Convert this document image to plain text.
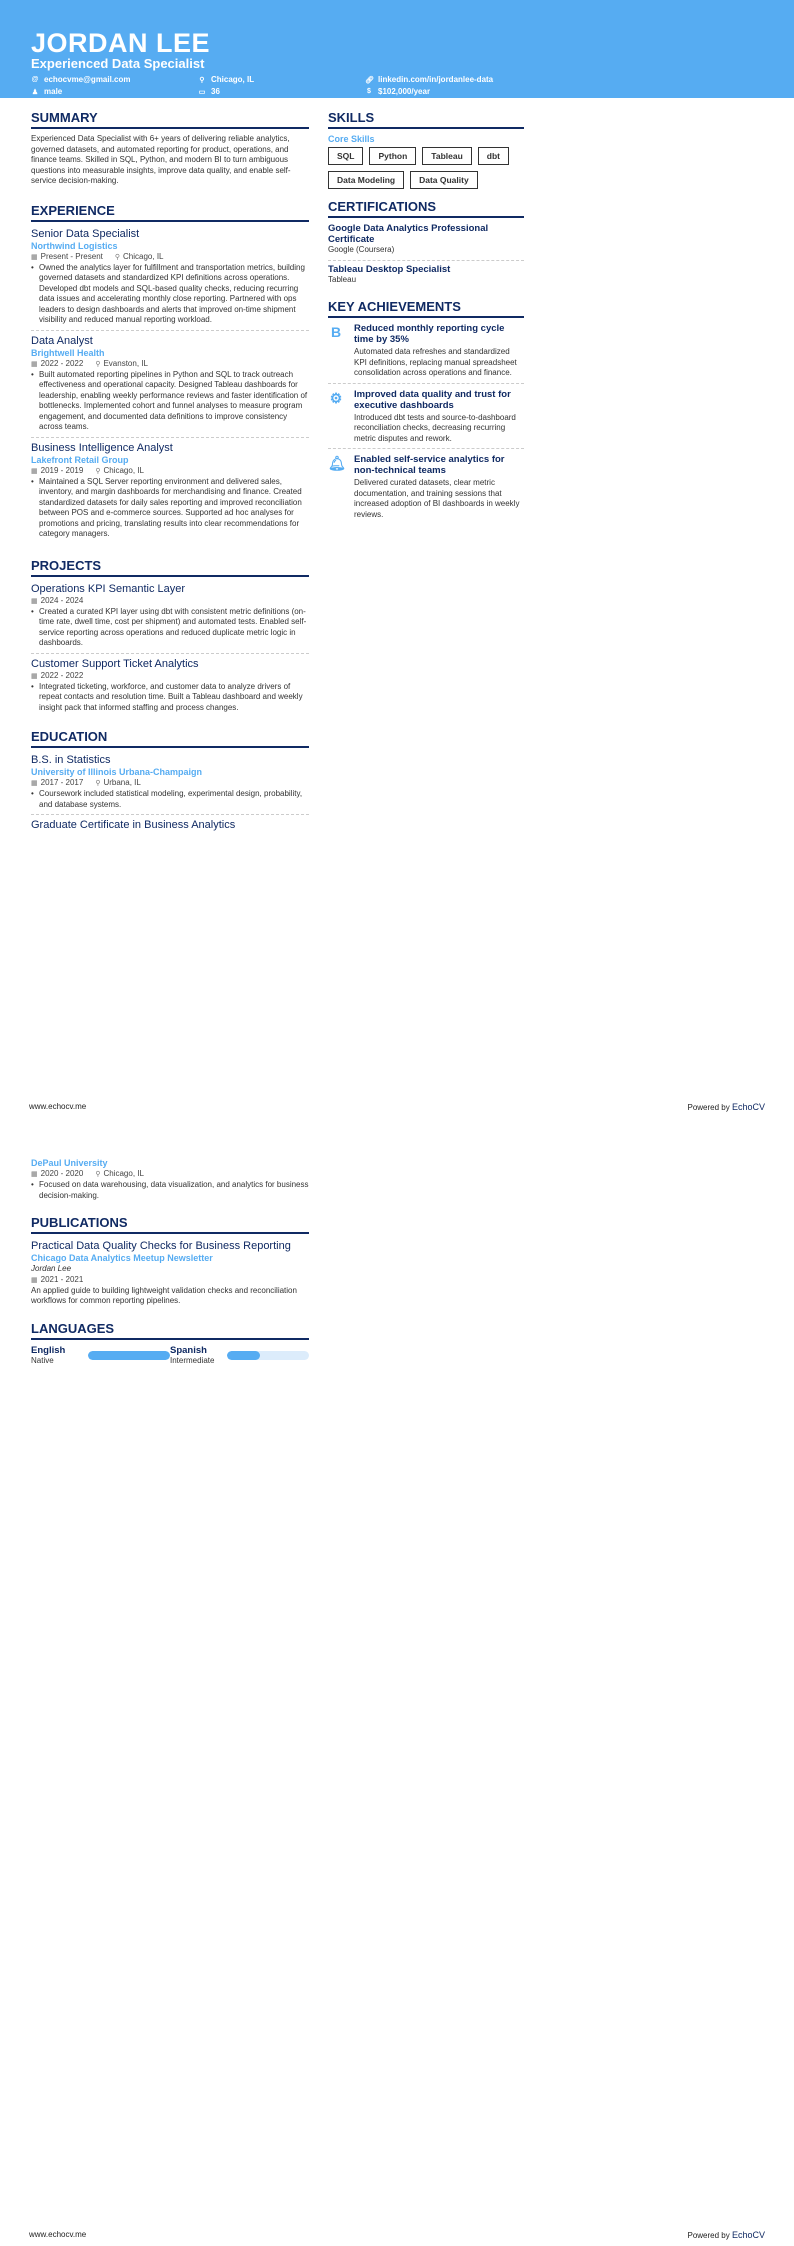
JORDAN LEE
Experienced Data Specialist
@ echocvme@gmail.com	⚲ Chicago, IL	🔗︎ linkedin.com/in/jordanlee-data
♟ male	▭ 36	$ $102,000/year
SUMMARY
Experienced Data Specialist with 6+ years of delivering reliable analytics, governed datasets, and automated reporting for product, operations, and finance teams. Skilled in SQL, Python, and modern BI to turn ambiguous questions into measurable insights, improve data quality, and enable self-service decision-making.
EXPERIENCE
Senior Data Specialist
Northwind Logistics
▦ Present - Present ⚲ Chicago, IL
• Owned the analytics layer for fulfillment and transportation metrics, building governed datasets and standardized KPI definitions across operations. Developed dbt models and SQL-based quality checks, reducing recurring data issues and accelerating monthly close reporting. Partnered with ops leaders to design dashboards and alerts that improved on-time shipment visibility and reduced manual reporting workload.
Data Analyst
Brightwell Health
▦ 2022 - 2022 ⚲ Evanston, IL
• Built automated reporting pipelines in Python and SQL to track outreach effectiveness and operational capacity. Designed Tableau dashboards for leadership, enabling weekly performance reviews and faster identification of bottlenecks. Implemented cohort and funnel analyses to measure program engagement, and documented data definitions to improve consistency across teams.
Business Intelligence Analyst
Lakefront Retail Group
▦ 2019 - 2019 ⚲ Chicago, IL
• Maintained a SQL Server reporting environment and delivered sales, inventory, and margin dashboards for merchandising and finance. Created standardized datasets for daily sales reporting and improved reconciliation between POS and e-commerce sources. Supported ad hoc analyses for promotions and pricing, translating results into clear recommendations for category managers.
PROJECTS
Operations KPI Semantic Layer
▦ 2024 - 2024
• Created a curated KPI layer using dbt with consistent metric definitions (on-time rate, dwell time, cost per shipment) and automated tests. Enabled self-service reporting across operations and reduced duplicate metric logic in dashboards.
Customer Support Ticket Analytics
▦ 2022 - 2022
• Integrated ticketing, workforce, and customer data to analyze drivers of repeat contacts and resolution time. Built a Tableau dashboard and weekly insight pack that informed staffing and process changes.
EDUCATION
B.S. in Statistics
University of Illinois Urbana-Champaign
▦ 2017 - 2017 ⚲ Urbana, IL
• Coursework included statistical modeling, experimental design, probability, and database systems.
Graduate Certificate in Business Analytics
SKILLS
Core Skills
SQL	Python	Tableau	dbt
Data Modeling	Data Quality
CERTIFICATIONS
Google Data Analytics Professional Certificate
Google (Coursera)
Tableau Desktop Specialist
Tableau
KEY ACHIEVEMENTS
B	Reduced monthly reporting cycle time by 35%
Automated data refreshes and standardized KPI definitions, replacing manual spreadsheet consolidation across operations and finance.
⚙ Improved data quality and trust for executive dashboards
Introduced dbt tests and source-to-dashboard reconciliation checks, decreasing recurring metric disputes and rework.
🔔︎ Enabled self-service analytics for non-technical teams
Delivered curated datasets, clear metric documentation, and training sessions that increased adoption of BI dashboards in weekly reviews.
www.echocv.me	Powered by EchoCV
DePaul University
▦ 2020 - 2020 ⚲ Chicago, IL
• Focused on data warehousing, data visualization, and analytics for business decision-making.
PUBLICATIONS
Practical Data Quality Checks for Business Reporting
Chicago Data Analytics Meetup Newsletter
Jordan Lee
▦ 2021 - 2021
An applied guide to building lightweight validation checks and reconciliation workflows for common reporting pipelines.
LANGUAGES
English
Native
Spanish
Intermediate
www.echocv.me	Powered by EchoCV
